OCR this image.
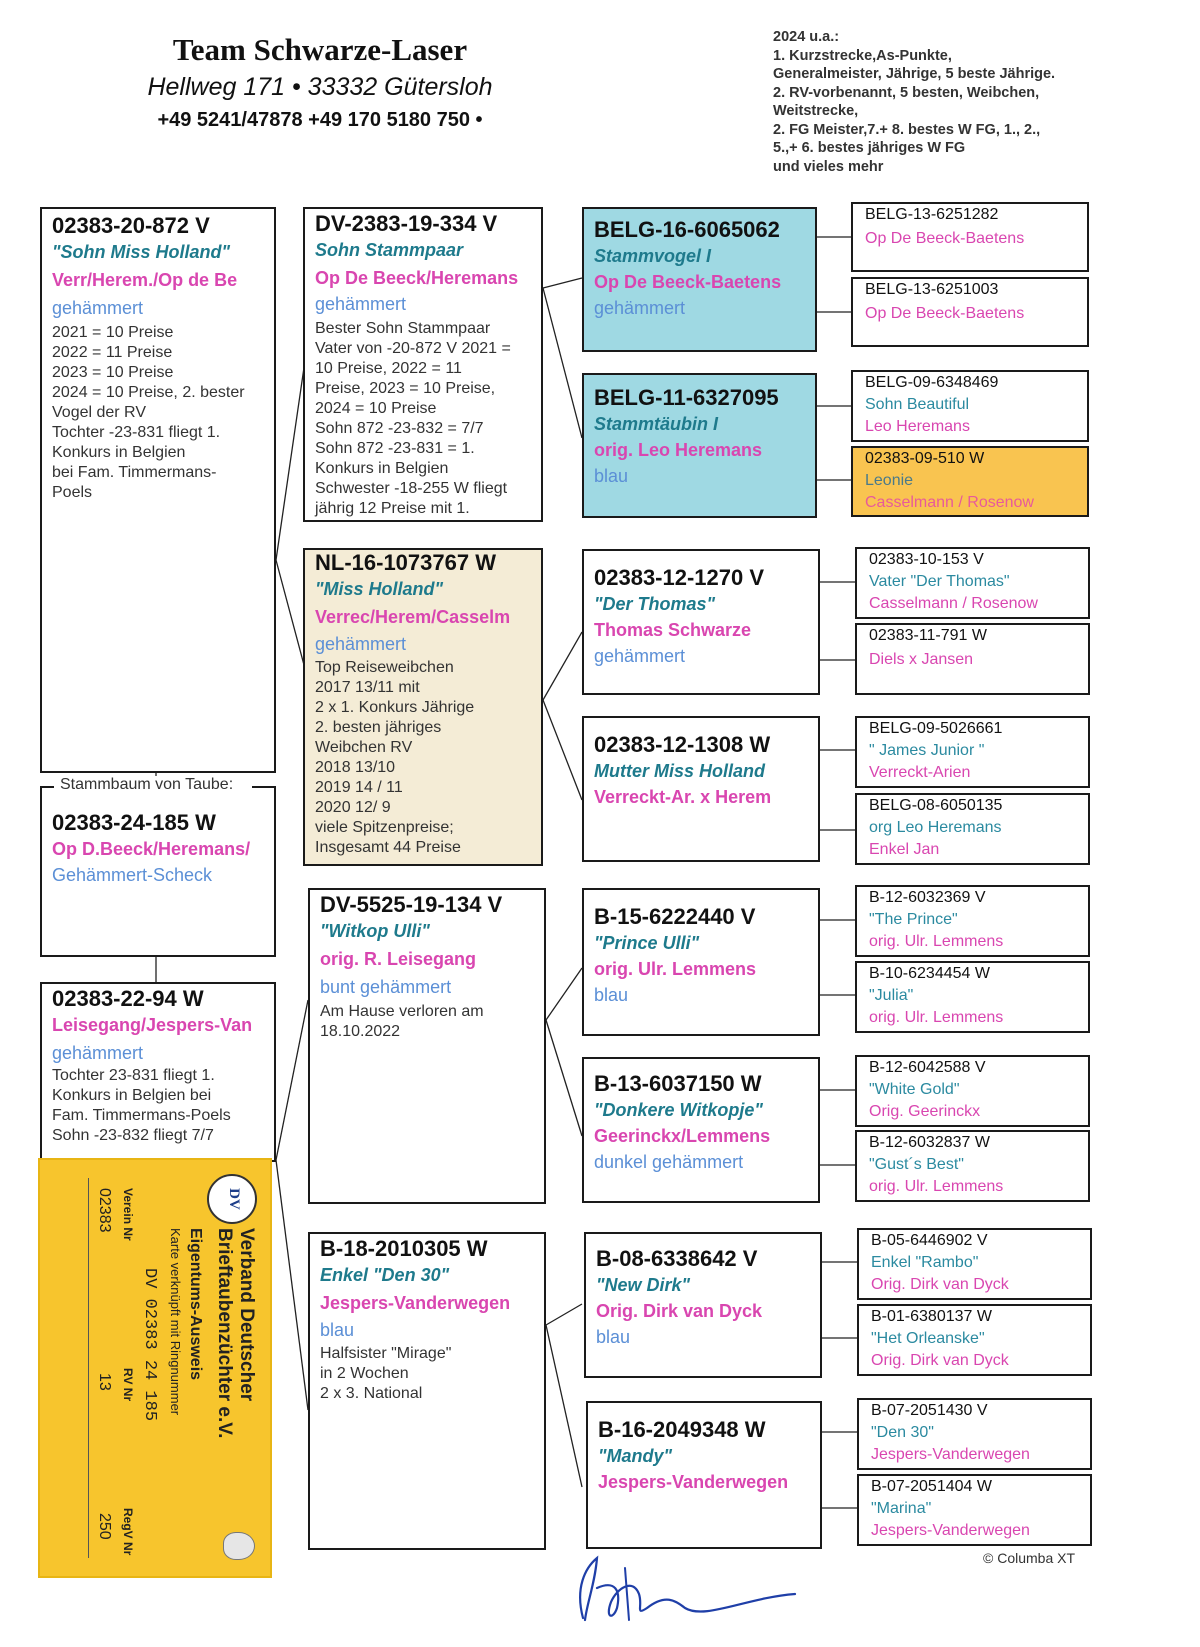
Team Schwarze-Laser
Hellweg 171 • 33332 Gütersloh
+49 5241/47878 +49 170 5180 750 •
2024 u.a.:
1. Kurzstrecke,As-Punkte,
Generalmeister, Jährige, 5 beste Jährige.
2. RV-vorbenannt, 5 besten, Weibchen,
Weitstrecke,
2. FG Meister,7.+ 8. bestes W FG, 1., 2.,
5.,+ 6. bestes jähriges W FG
und vieles mehr
Stammbaum von Taube:
02383-24-185 W
Op D.Beeck/Heremans/
Gehämmert-Scheck
02383-20-872 V
"Sohn Miss Holland"
Verr/Herem./Op de Be
gehämmert
2021 = 10 Preise
2022 = 11 Preise
2023 = 10 Preise
2024 = 10 Preise, 2. bester
Vogel der RV
Tochter -23-831 fliegt 1.
Konkurs in Belgien
bei Fam. Timmermans-
Poels
02383-22-94 W
Leisegang/Jespers-Van
gehämmert
Tochter 23-831 fliegt 1.
Konkurs in Belgien bei
Fam. Timmermans-Poels
Sohn -23-832 fliegt 7/7
DV-2383-19-334 V
Sohn Stammpaar
Op De Beeck/Heremans
gehämmert
Bester Sohn Stammpaar
Vater von -20-872 V 2021 =
10 Preise, 2022 = 11
Preise, 2023 = 10 Preise,
2024 = 10 Preise
Sohn 872 -23-832 = 7/7
Sohn 872 -23-831 = 1.
Konkurs in Belgien
Schwester -18-255 W fliegt
jährig 12 Preise mit 1.
NL-16-1073767 W
"Miss Holland"
Verrec/Herem/Casselm
gehämmert
Top Reiseweibchen
2017 13/11 mit
2 x 1. Konkurs Jährige
2. besten jähriges
Weibchen RV
2018 13/10
2019 14 / 11
2020 12/ 9
viele Spitzenpreise;
Insgesamt 44 Preise
DV-5525-19-134 V
"Witkop Ulli"
orig. R. Leisegang
bunt gehämmert
Am Hause verloren am
18.10.2022
B-18-2010305 W
Enkel "Den 30"
Jespers-Vanderwegen
blau
Halfsister "Mirage"
in 2 Wochen
2 x 3. National
BELG-16-6065062
Stammvogel I
Op De Beeck-Baetens
gehämmert
BELG-11-6327095
Stammtäubin I
orig. Leo Heremans
blau
02383-12-1270 V
"Der Thomas"
Thomas Schwarze
gehämmert
02383-12-1308 W
Mutter Miss Holland
Verreckt-Ar. x Herem
B-15-6222440 V
"Prince Ulli"
orig. Ulr. Lemmens
blau
B-13-6037150 W
"Donkere Witkopje"
Geerinckx/Lemmens
dunkel gehämmert
B-08-6338642 V
"New Dirk"
Orig. Dirk van Dyck
blau
B-16-2049348 W
"Mandy"
Jespers-Vanderwegen
BELG-13-6251282
Op De Beeck-Baetens
BELG-13-6251003
Op De Beeck-Baetens
BELG-09-6348469
Sohn Beautiful
Leo Heremans
02383-09-510 W
Leonie
Casselmann / Rosenow
02383-10-153 V
Vater "Der Thomas"
Casselmann / Rosenow
02383-11-791 W
Diels x Jansen
BELG-09-5026661
" James Junior "
Verreckt-Arien
BELG-08-6050135
org Leo Heremans
Enkel Jan
B-12-6032369 V
"The Prince"
orig. Ulr. Lemmens
B-10-6234454 W
"Julia"
orig. Ulr. Lemmens
B-12-6042588 V
"White Gold"
Orig. Geerinckx
B-12-6032837 W
"Gust´s Best"
orig. Ulr. Lemmens
B-05-6446902 V
Enkel "Rambo"
Orig. Dirk van Dyck
B-01-6380137 W
"Het Orleanske"
Orig. Dirk van Dyck
B-07-2051430 V
"Den 30"
Jespers-Vanderwegen
B-07-2051404 W
"Marina"
Jespers-Vanderwegen
DV
Verband Deutscher
Brieftaubenzüchter e.V.
Eigentums-Ausweis
Karte verknüpft mit Ringnummer
DV 02383 24 185
RegV Nr
250
RV Nr
13
Verein Nr
02383
© Columba XT
